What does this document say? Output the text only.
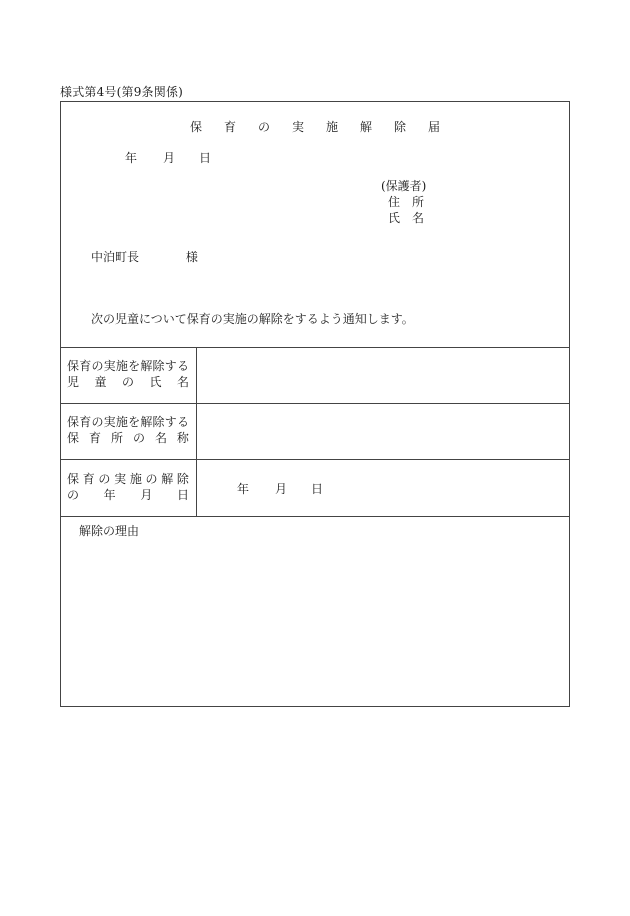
様式第4号(第9条関係)
保育の実施解除届
年 月 日
(保護者)
住　所
氏　名
中泊町長	様
次の児童について保育の実施の解除をするよう通知します。
保 育 の 実 施 を 解 除 す る
児 童 の 氏 名
保 育 の 実 施 を 解 除 す る
保 育 所 の 名 称
保 育 の 実 施 の 解 除
の 年 月 日	年 月 日
解除の理由
